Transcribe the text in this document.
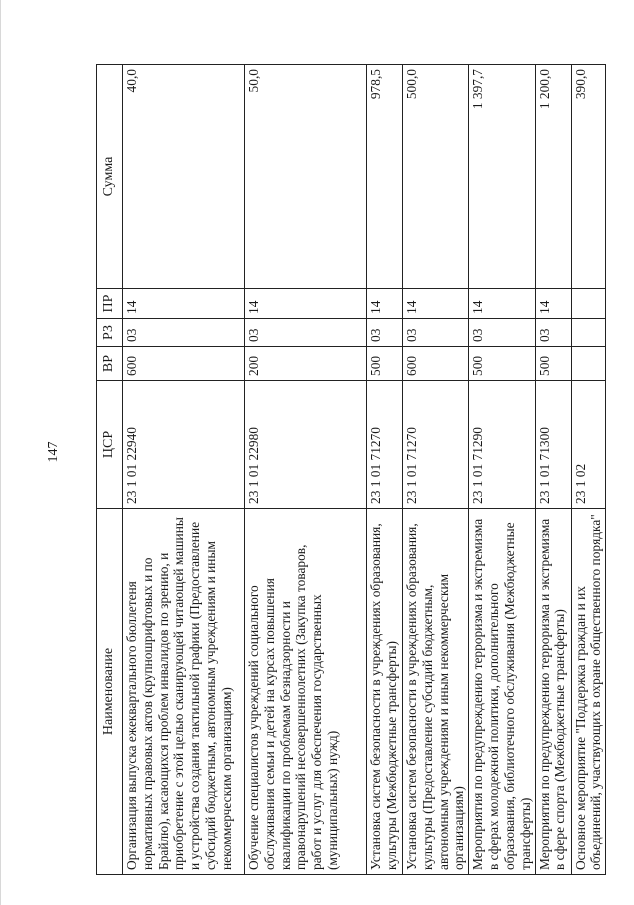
147
Наименование	ЦСР	ВР	РЗ	ПР	Сумма
Организация выпуска ежеквартального бюллетеня нормативных правовых актов (крупношрифтовых и по Брайлю), касающихся проблем инвалидов по зрению, и приобретение с этой целью сканирующей читающей машины и устройства создания тактильной графики (Предоставление субсидий бюджетным, автономным учреждениям и иным некоммерческим организациям)	23 1 01 22940	600	03	14	40,0
Обучение специалистов учреждений социального обслуживания семьи и детей на курсах повышения квалификации по проблемам безнадзорности и правонарушений несовершеннолетних (Закупка товаров, работ и услуг для обеспечения государственных (муниципальных) нужд)	23 1 01 22980	200	03	14	50,0
Установка систем безопасности в учреждениях образования, культуры (Межбюджетные трансферты)	23 1 01 71270	500	03	14	978,5
Установка систем безопасности в учреждениях образования, культуры (Предоставление субсидий бюджетным, автономным учреждениям и иным некоммерческим организациям)	23 1 01 71270	600	03	14	500,0
Мероприятия по предупреждению терроризма и экстремизма в сферах молодежной политики, дополнительного образования, библиотечного обслуживания (Межбюджетные трансферты)	23 1 01 71290	500	03	14	1 397,7
Мероприятия по предупреждению терроризма и экстремизма в сфере спорта (Межбюджетные трансферты)	23 1 01 71300	500	03	14	1 200,0
Основное мероприятие "Поддержка граждан и их объединений, участвующих в охране общественного порядка"	23 1 02				390,0
